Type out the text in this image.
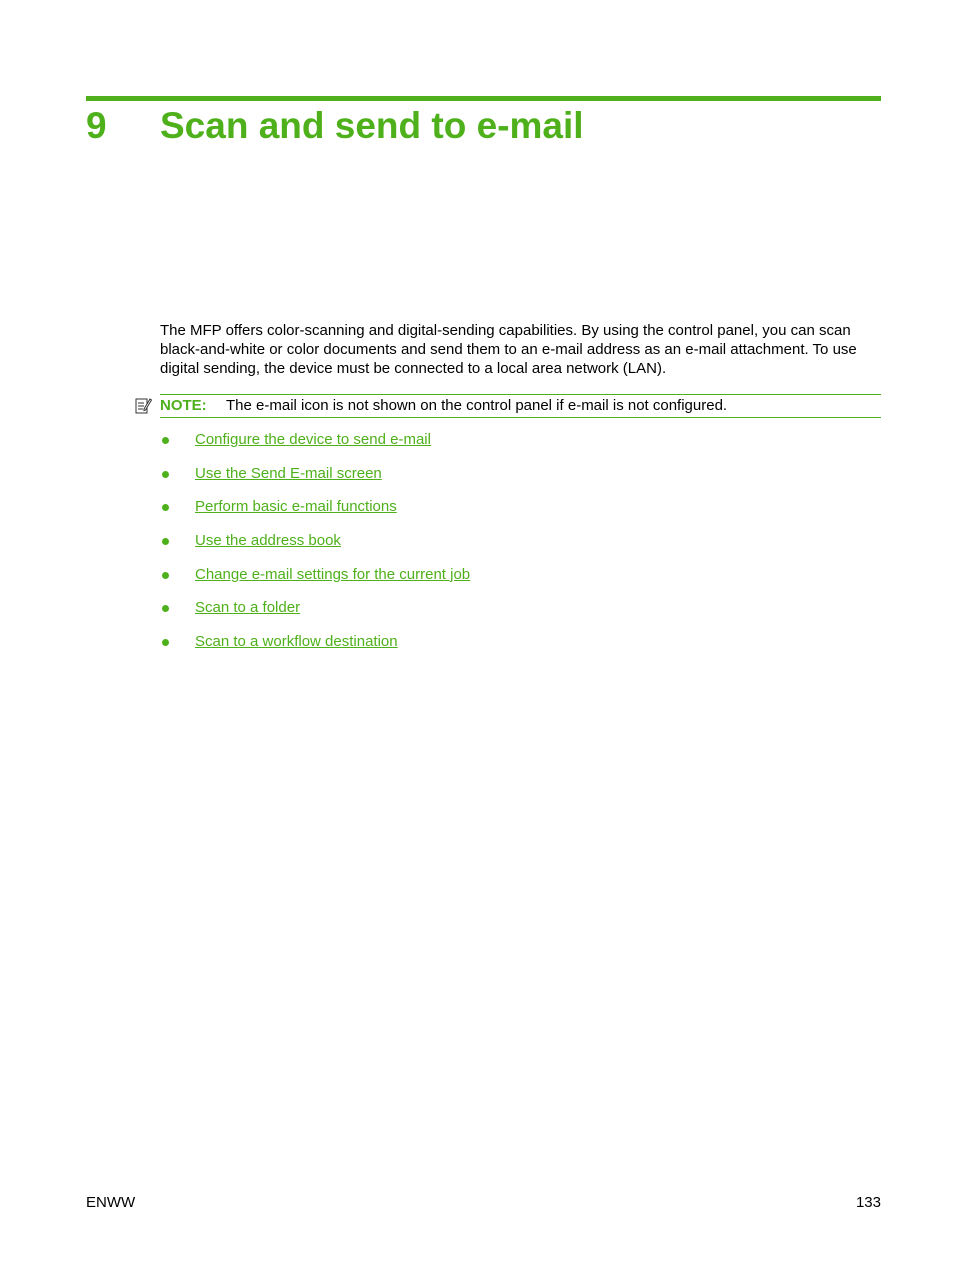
9	Scan and send to e-mail

The MFP offers color-scanning and digital-sending capabilities. By using the control panel, you can scan black-and-white or color documents and send them to an e-mail address as an e-mail attachment. To use digital sending, the device must be connected to a local area network (LAN).

NOTE: The e-mail icon is not shown on the control panel if e-mail is not configured.
Configure the device to send e-mail
Use the Send E-mail screen
Perform basic e-mail functions
Use the address book
Change e-mail settings for the current job
Scan to a folder
Scan to a workflow destination
ENWW	133
